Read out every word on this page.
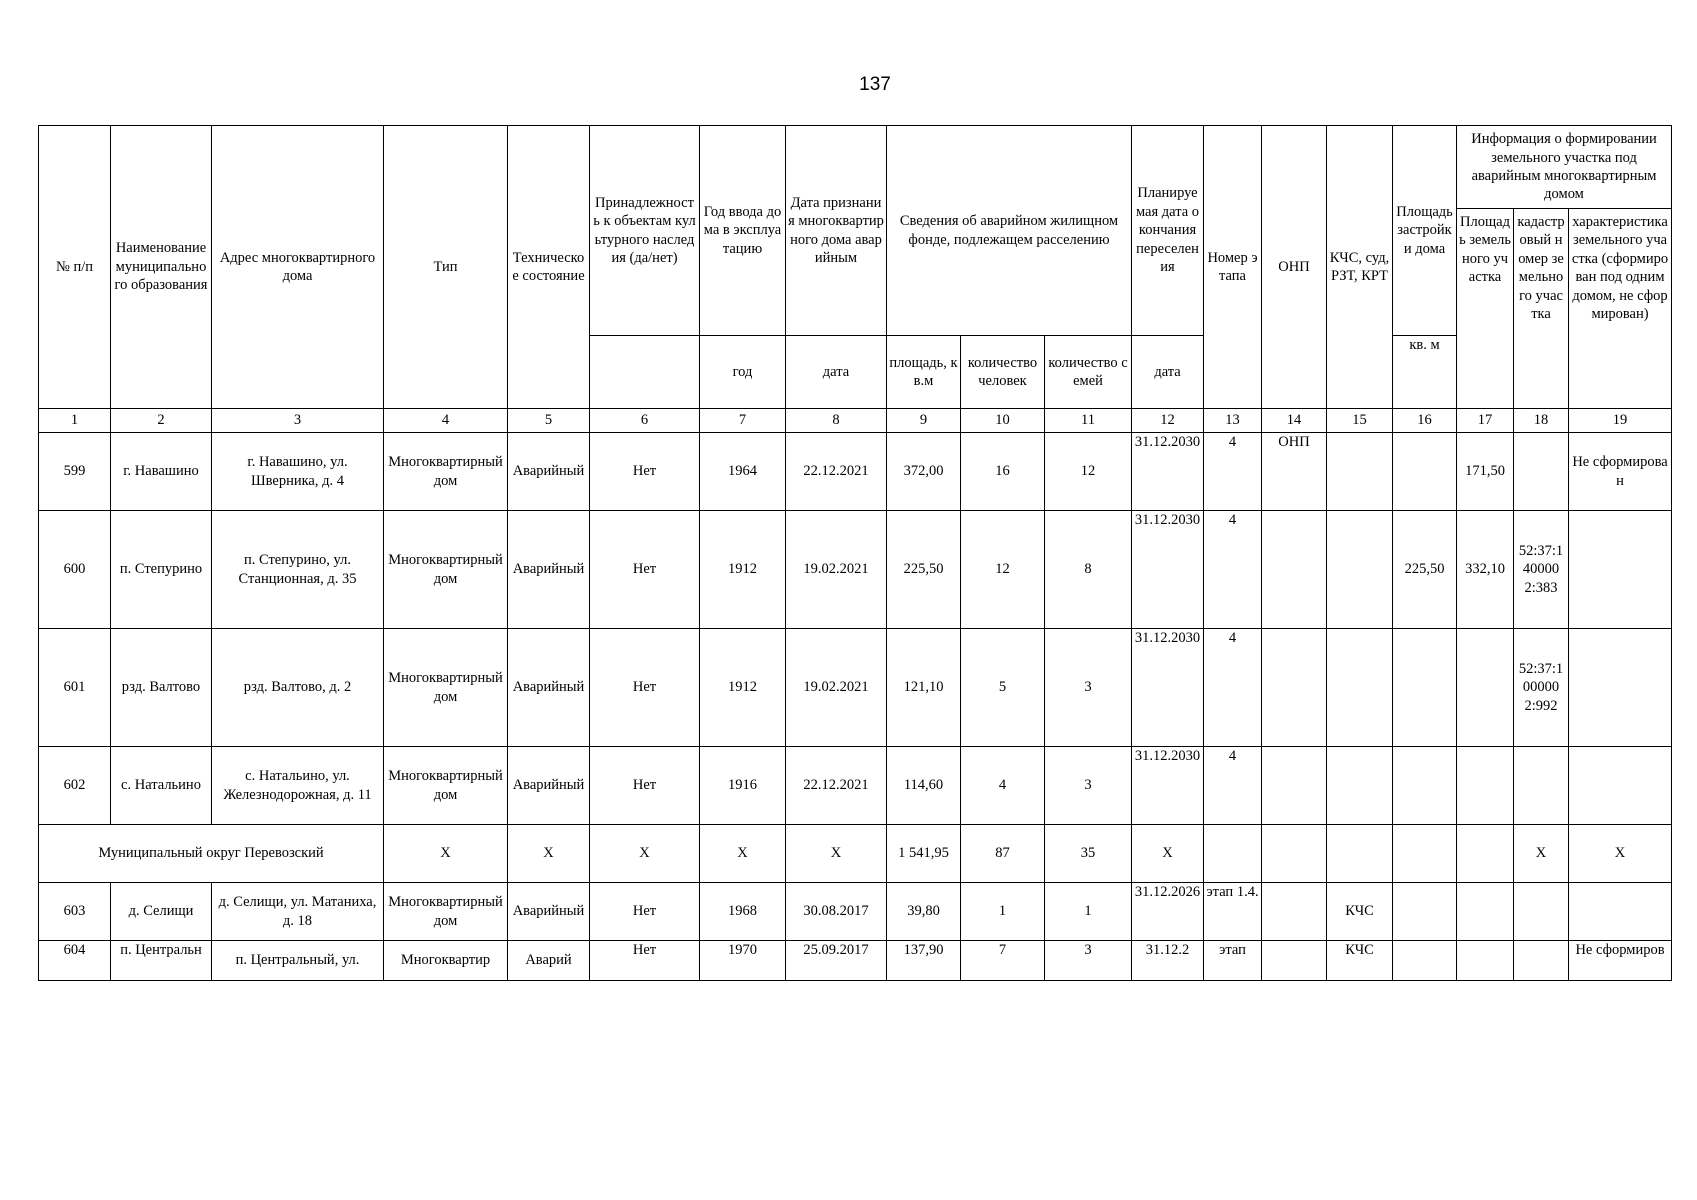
137
№ п/п	Наименование муниципального образования	Адрес многоквартирного дома	Тип	Техническое состояние	Принадлежность к объектам культурного наследия (да/нет)	Год ввода дома в эксплуатацию	Дата признания многоквартирного дома аварийным	Сведения об аварийном жилищном фонде, подлежащем расселению			Планируемая дата окончания переселения	Номер этапа	ОНП	КЧС, суд, РЗТ, КРТ	Площадь застройки дома	Информация о формировании земельного участка под аварийным многоквартирным домом		
																Площадь земельного участка	кадастровый номер земельного участка	характеристика земельного участка (сформирован под одним домом, не сформирован)
						год	дата	площадь, кв.м	количество человек	количество семей	дата				кв. м			
1	2	3	4	5	6	7	8	9	10	11	12	13	14	15	16	17	18	19
599	г. Навашино	г. Навашино, ул. Шверника, д. 4	Многоквартирный дом	Аварийный	Нет	1964	22.12.2021	372,00	16	12	31.12.2030	4	ОНП			171,50		Не сформирован
600	п. Степурино	п. Степурино, ул. Станционная, д. 35	Многоквартирный дом	Аварийный	Нет	1912	19.02.2021	225,50	12	8	31.12.2030	4			225,50	332,10	52:37:140000 2:383	
601	рзд. Валтово	рзд. Валтово, д. 2	Многоквартирный дом	Аварийный	Нет	1912	19.02.2021	121,10	5	3	31.12.2030	4					52:37:100000 2:992	
602	с. Натальино	с. Натальино, ул. Железнодорожная, д. 11	Многоквартирный дом	Аварийный	Нет	1916	22.12.2021	114,60	4	3	31.12.2030	4						
Муниципальный округ Перевозский			X	X	X	X	X	1 541,95	87	35	X						X	X
603	д. Селищи	д. Селищи, ул. Матаниха, д. 18	Многоквартирный дом	Аварийный	Нет	1968	30.08.2017	39,80	1	1	31.12.2026	этап 1.4.		КЧС				
604	п. Центральн	п. Центральный, ул.	Многоквартир	Аварий	Нет	1970	25.09.2017	137,90	7	3	31.12.2	этап		КЧС				Не сформиров
